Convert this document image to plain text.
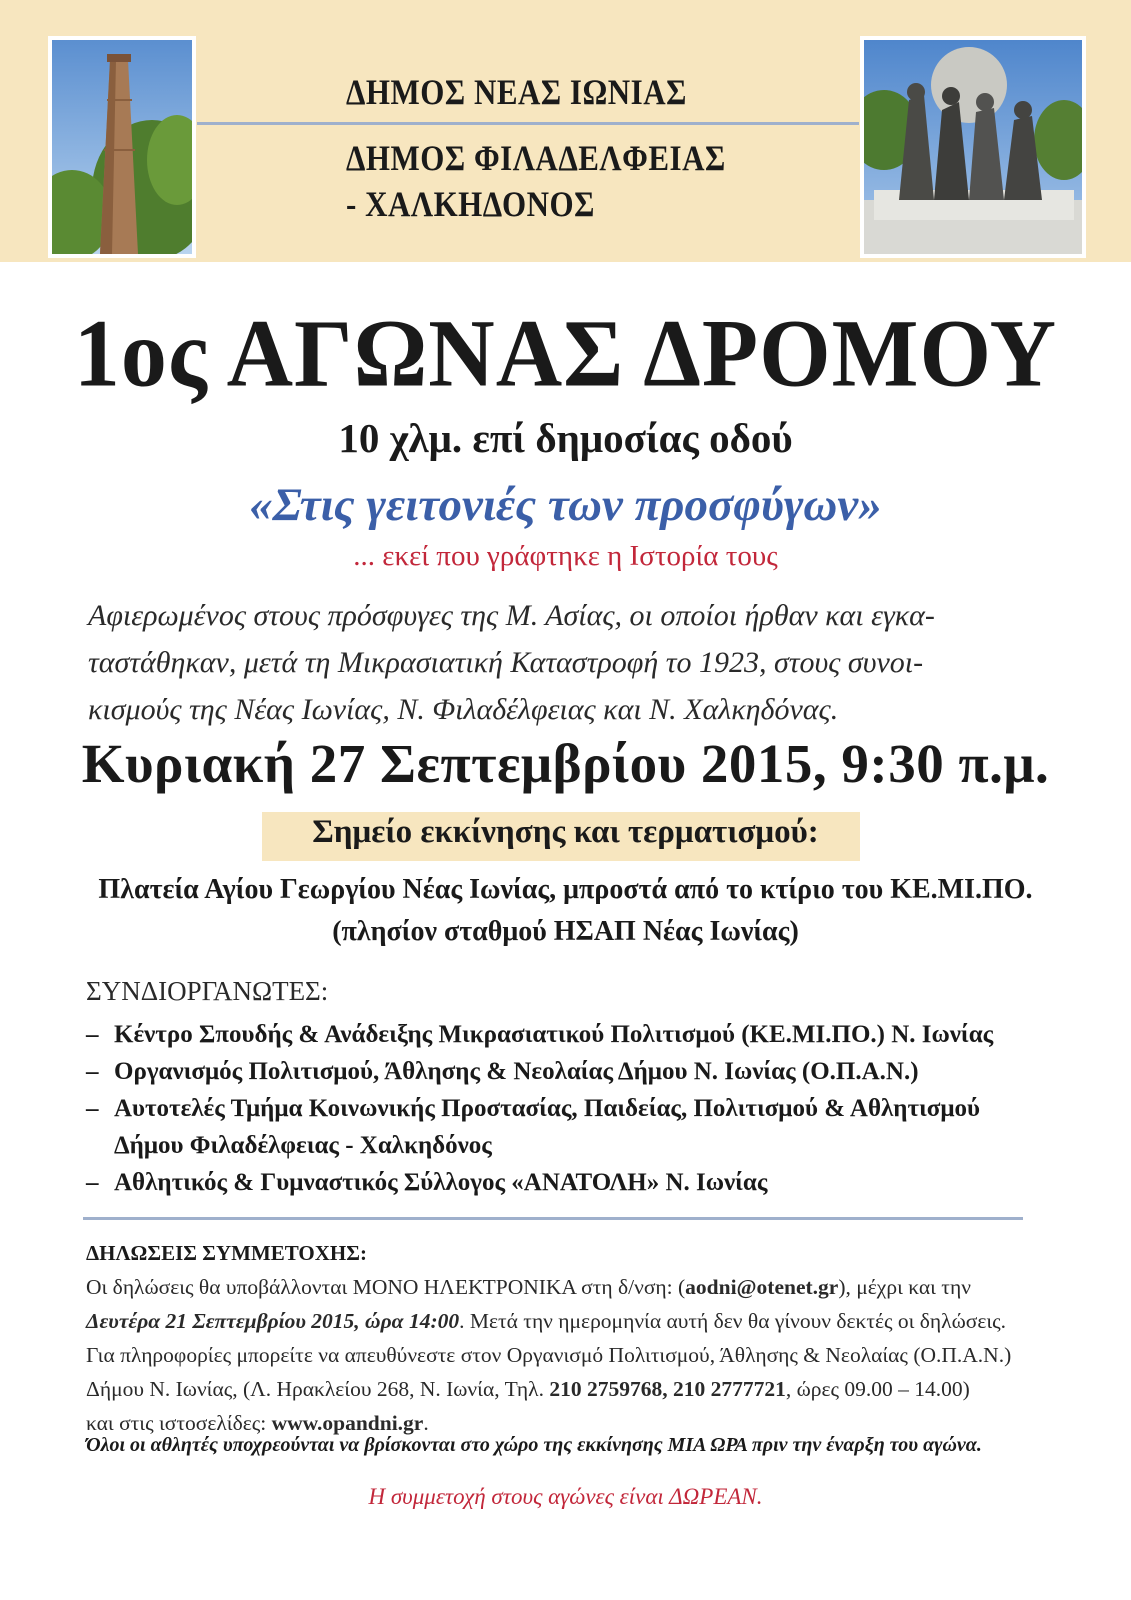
ΔΗΜΟΣ ΝΕΑΣ ΙΩΝΙΑΣ
ΔΗΜΟΣ ΦΙΛΑΔΕΛΦΕΙΑΣ
- ΧΑΛΚΗΔΟΝΟΣ
1ος ΑΓΩΝΑΣ ΔΡΟΜΟΥ
10 χλμ. επί δημοσίας οδού
«Στις γειτονιές των προσφύγων»
... εκεί που γράφτηκε η Ιστορία τους
Αφιερωμένος στους πρόσφυγες της Μ. Ασίας, οι οποίοι ήρθαν και εγκα-
ταστάθηκαν, μετά τη Μικρασιατική Καταστροφή το 1923, στους συνοι-
κισμούς της Νέας Ιωνίας, Ν. Φιλαδέλφειας και Ν. Χαλκηδόνας.
Κυριακή 27 Σεπτεμβρίου 2015, 9:30 π.μ.
Σημείο εκκίνησης και τερματισμού:
Πλατεία Αγίου Γεωργίου Νέας Ιωνίας, μπροστά από το κτίριο του ΚΕ.ΜΙ.ΠΟ.
(πλησίον σταθμού ΗΣΑΠ Νέας Ιωνίας)
ΣΥΝΔΙΟΡΓΑΝΩΤΕΣ:
– Κέντρο Σπουδής & Ανάδειξης Μικρασιατικού Πολιτισμού (ΚΕ.ΜΙ.ΠΟ.) Ν. Ιωνίας
– Οργανισμός Πολιτισμού, Άθλησης & Νεολαίας Δήμου Ν. Ιωνίας (Ο.Π.Α.Ν.)
– Αυτοτελές Τμήμα Κοινωνικής Προστασίας, Παιδείας, Πολιτισμού & Αθλητισμού
Δήμου Φιλαδέλφειας - Χαλκηδόνος
– Αθλητικός & Γυμναστικός Σύλλογος «ΑΝΑΤΟΛΗ» Ν. Ιωνίας
ΔΗΛΩΣΕΙΣ ΣΥΜΜΕΤΟΧΗΣ:
Οι δηλώσεις θα υποβάλλονται ΜΟΝΟ ΗΛΕΚΤΡΟΝΙΚΑ στη δ/νση: (aodni@otenet.gr), μέχρι και την
Δευτέρα 21 Σεπτεμβρίου 2015, ώρα 14:00. Μετά την ημερομηνία αυτή δεν θα γίνουν δεκτές οι δηλώσεις.
Για πληροφορίες μπορείτε να απευθύνεστε στον Οργανισμό Πολιτισμού, Άθλησης & Νεολαίας (Ο.Π.Α.Ν.)
Δήμου Ν. Ιωνίας, (Λ. Ηρακλείου 268, Ν. Ιωνία, Τηλ. 210 2759768, 210 2777721, ώρες 09.00 – 14.00)
και στις ιστοσελίδες: www.opandni.gr.
Όλοι οι αθλητές υποχρεούνται να βρίσκονται στο χώρο της εκκίνησης ΜΙΑ ΩΡΑ πριν την έναρξη του αγώνα.
Η συμμετοχή στους αγώνες είναι ΔΩΡΕΑΝ.
